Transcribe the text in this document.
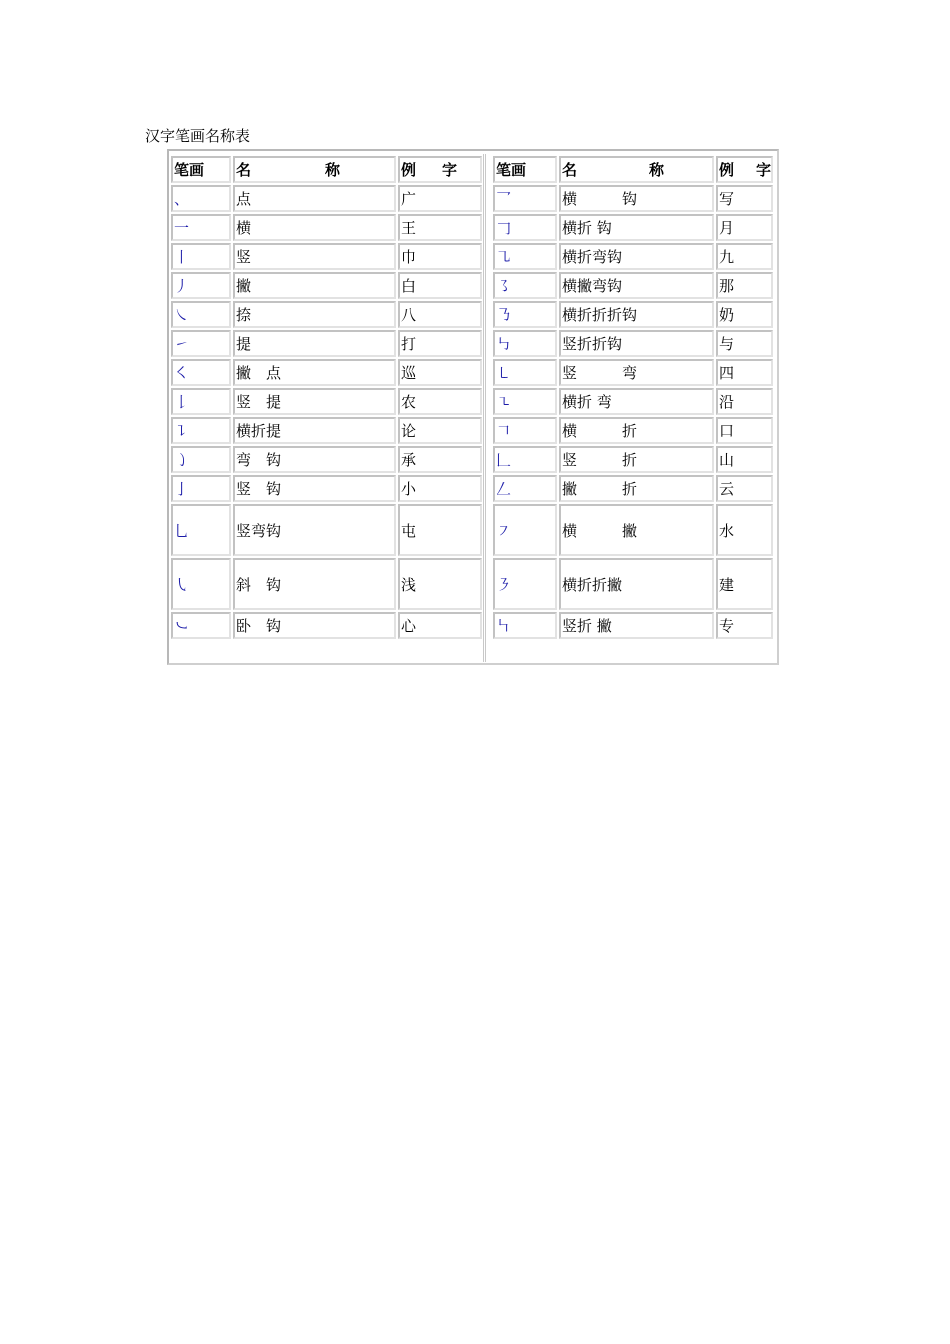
汉字笔画名称表
笔画	名 称	例 字
、	点	广
一	横	王
丨	竖	巾
丿	撇	白
㇏	捺	八
㇀	提	打
㇛	撇　点	巡
𠄌	竖　提	农
㇊	横折提	论
㇁	弯　钩	承
亅	竖　钩	小
乚	竖弯钩	屯
㇂	斜　钩	浅
㇃	卧　钩	心
笔画	名 称	例 字
乛	横　　　钩	写
𠃌	横折 钩	月
㇈	横折弯钩	九
㇌	横撇弯钩	那
㇡	横折折折钩	奶
㇉	竖折折钩	与
㇄	竖　　　弯	四
㇍	横折 弯	沿
𠃍	横　　　折	口
𠃊	竖　　　折	山
𠃋	撇　　　折	云
㇇	横　　　撇	水
㇋	横折折撇	建
㇞	竖折 撇	专
